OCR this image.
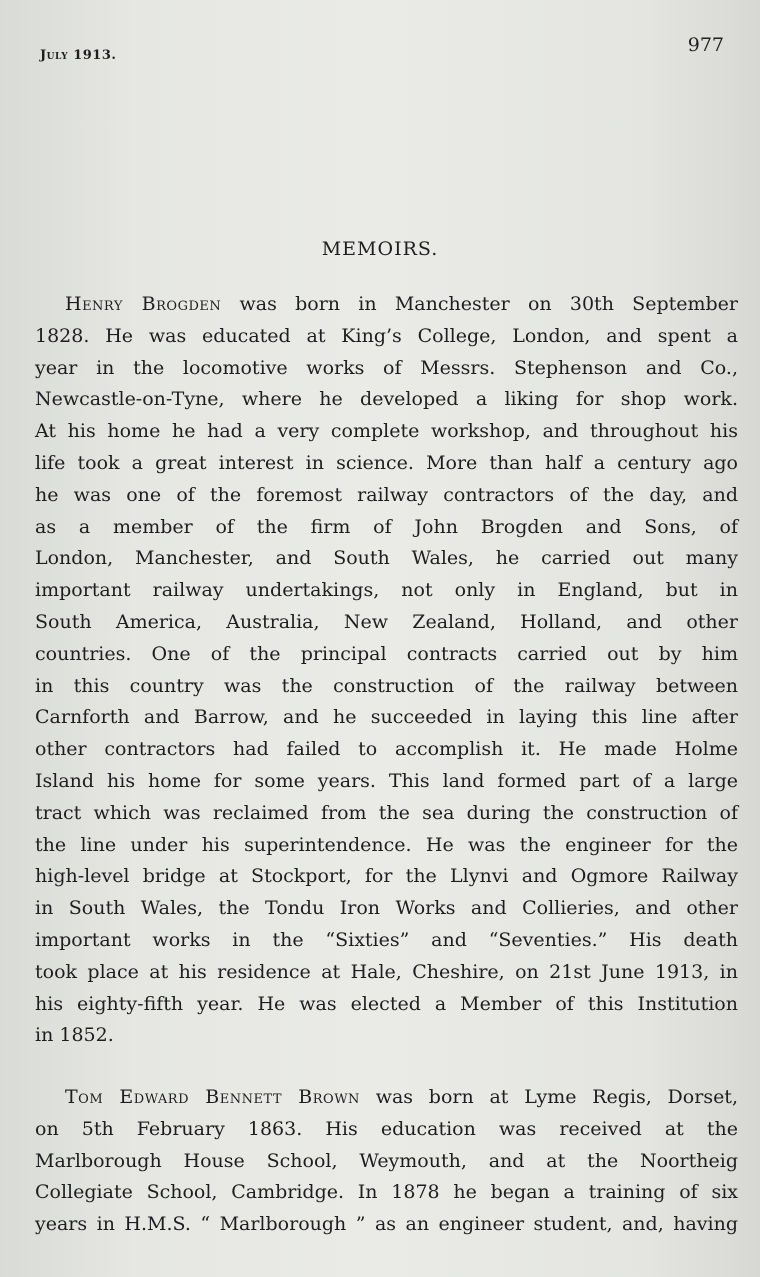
July 1913.	977
MEMOIRS.
Henry Brogden was born in Manchester on 30th September
1828. He was educated at King’s College, London, and spent a
year in the locomotive works of Messrs. Stephenson and Co.,
Newcastle-on-Tyne, where he developed a liking for shop work.
At his home he had a very complete workshop, and throughout his
life took a great interest in science. More than half a century ago
he was one of the foremost railway contractors of the day, and
as a member of the firm of John Brogden and Sons, of
London, Manchester, and South Wales, he carried out many
important railway undertakings, not only in England, but in
South America, Australia, New Zealand, Holland, and other
countries. One of the principal contracts carried out by him
in this country was the construction of the railway between
Carnforth and Barrow, and he succeeded in laying this line after
other contractors had failed to accomplish it. He made Holme
Island his home for some years. This land formed part of a large
tract which was reclaimed from the sea during the construction of
the line under his superintendence. He was the engineer for the
high-level bridge at Stockport, for the Llynvi and Ogmore Railway
in South Wales, the Tondu Iron Works and Collieries, and other
important works in the “Sixties” and “Seventies.” His death
took place at his residence at Hale, Cheshire, on 21st June 1913, in
his eighty-fifth year. He was elected a Member of this Institution
in 1852.
Tom Edward Bennett Brown was born at Lyme Regis, Dorset,
on 5th February 1863. His education was received at the
Marlborough House School, Weymouth, and at the Noortheig
Collegiate School, Cambridge. In 1878 he began a training of six
years in H.M.S. “ Marlborough ” as an engineer student, and, having
